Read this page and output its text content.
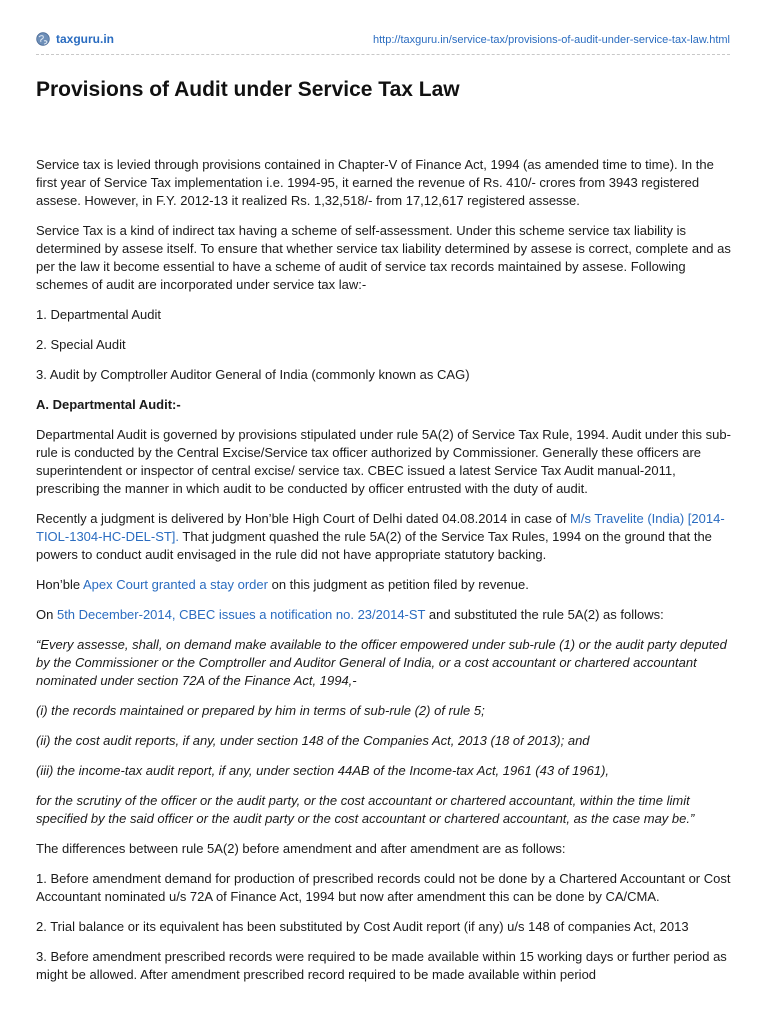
taxguru.in	http://taxguru.in/service-tax/provisions-of-audit-under-service-tax-law.html
Provisions of Audit under Service Tax Law

Service tax is levied through provisions contained in Chapter-V of Finance Act, 1994 (as amended time to time). In the first year of Service Tax implementation i.e. 1994-95, it earned the revenue of Rs. 410/- crores from 3943 registered assese. However, in F.Y. 2012-13 it realized Rs. 1,32,518/- from 17,12,617 registered assesse.

Service Tax is a kind of indirect tax having a scheme of self-assessment. Under this scheme service tax liability is determined by assese itself. To ensure that whether service tax liability determined by assese is correct, complete and as per the law it become essential to have a scheme of audit of service tax records maintained by assese. Following schemes of audit are incorporated under service tax law:-

1. Departmental Audit

2. Special Audit

3. Audit by Comptroller Auditor General of India (commonly known as CAG)

A. Departmental Audit:-

Departmental Audit is governed by provisions stipulated under rule 5A(2) of Service Tax Rule, 1994. Audit under this sub-rule is conducted by the Central Excise/Service tax officer authorized by Commissioner. Generally these officers are superintendent or inspector of central excise/ service tax. CBEC issued a latest Service Tax Audit manual-2011, prescribing the manner in which audit to be conducted by officer entrusted with the duty of audit.

Recently a judgment is delivered by Hon’ble High Court of Delhi dated 04.08.2014 in case of M/s Travelite (India) [2014-TIOL-1304-HC-DEL-ST]. That judgment quashed the rule 5A(2) of the Service Tax Rules, 1994 on the ground that the powers to conduct audit envisaged in the rule did not have appropriate statutory backing.

Hon’ble Apex Court granted a stay order on this judgment as petition filed by revenue.

On 5th December-2014, CBEC issues a notification no. 23/2014-ST and substituted the rule 5A(2) as follows:

“Every assesse, shall, on demand make available to the officer empowered under sub-rule (1) or the audit party deputed by the Commissioner or the Comptroller and Auditor General of India, or a cost accountant or chartered accountant nominated under section 72A of the Finance Act, 1994,-

(i) the records maintained or prepared by him in terms of sub-rule (2) of rule 5;

(ii) the cost audit reports, if any, under section 148 of the Companies Act, 2013 (18 of 2013); and

(iii) the income-tax audit report, if any, under section 44AB of the Income-tax Act, 1961 (43 of 1961),

for the scrutiny of the officer or the audit party, or the cost accountant or chartered accountant, within the time limit specified by the said officer or the audit party or the cost accountant or chartered accountant, as the case may be.”

The differences between rule 5A(2) before amendment and after amendment are as follows:

1. Before amendment demand for production of prescribed records could not be done by a Chartered Accountant or Cost Accountant nominated u/s 72A of Finance Act, 1994 but now after amendment this can be done by CA/CMA.

2. Trial balance or its equivalent has been substituted by Cost Audit report (if any) u/s 148 of companies Act, 2013

3. Before amendment prescribed records were required to be made available within 15 working days or further period as might be allowed. After amendment prescribed record required to be made available within period
